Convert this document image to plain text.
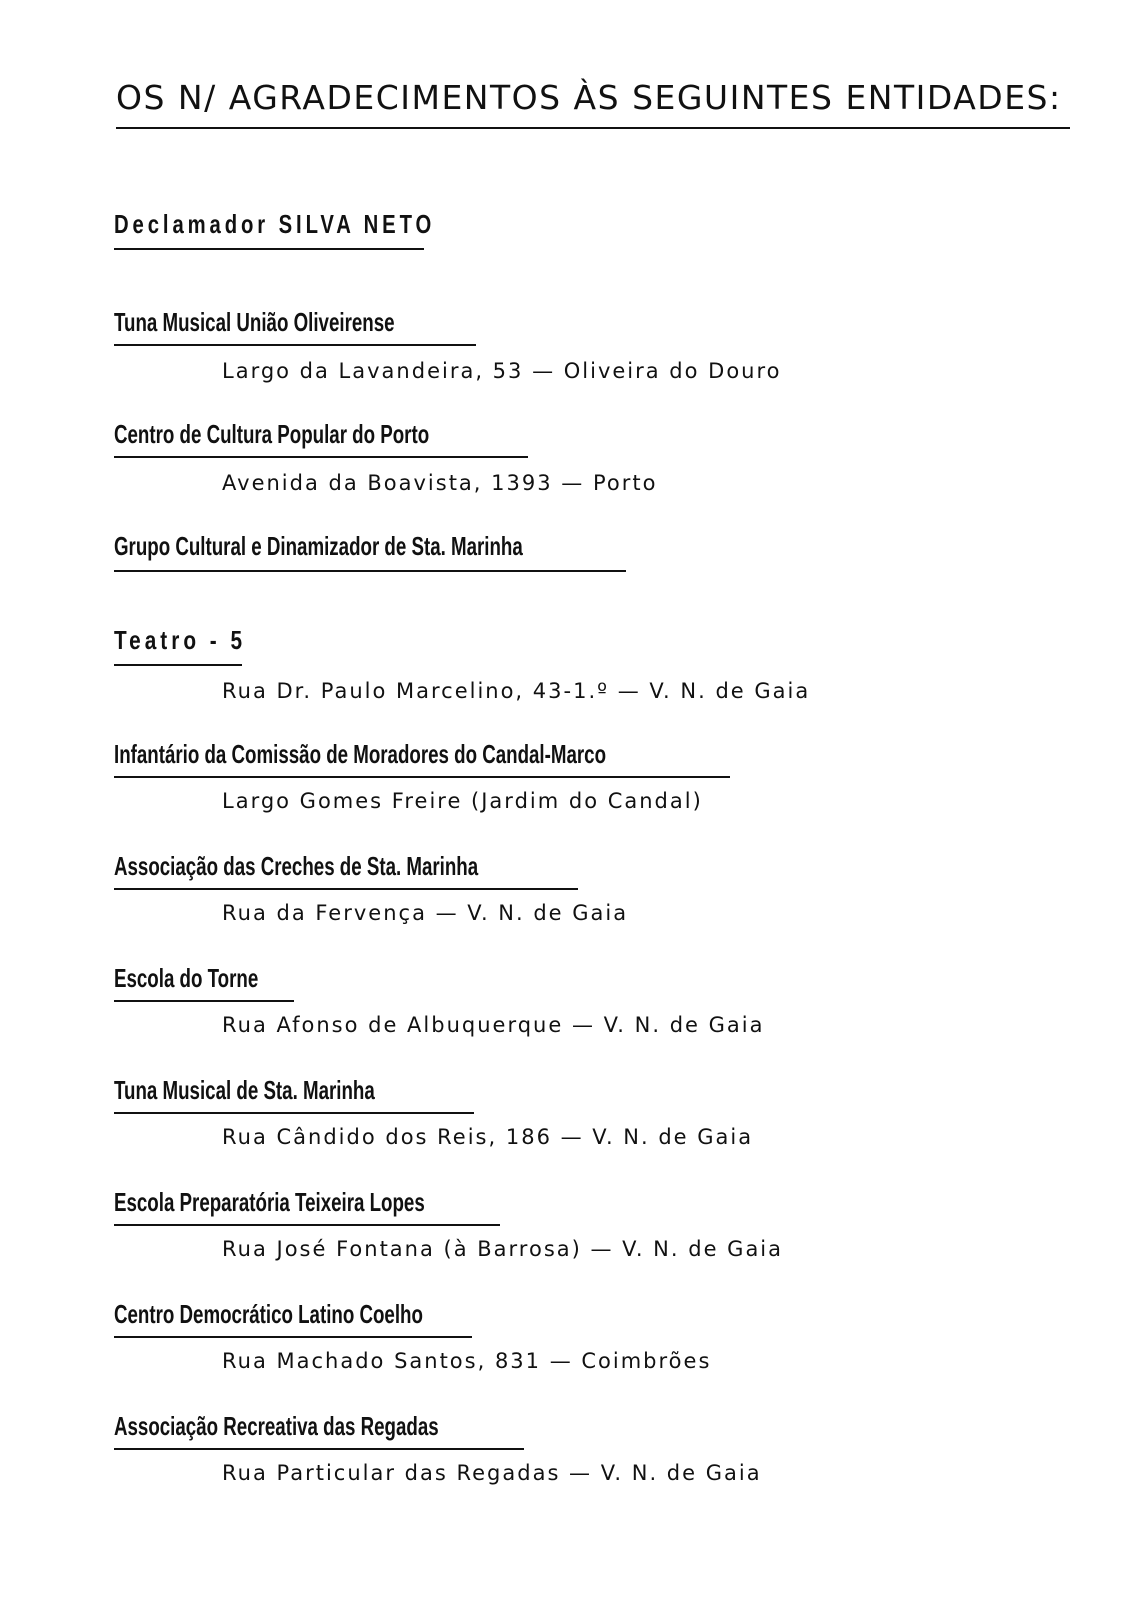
OS N/ AGRADECIMENTOS ÀS SEGUINTES ENTIDADES:
Declamador SILVA NETO
Tuna Musical União Oliveirense
Largo da Lavandeira, 53 — Oliveira do Douro
Centro de Cultura Popular do Porto
Avenida da Boavista, 1393 — Porto
Grupo Cultural e Dinamizador de Sta. Marinha
Teatro - 5
Rua Dr. Paulo Marcelino, 43-1.º — V. N. de Gaia
Infantário da Comissão de Moradores do Candal-Marco
Largo Gomes Freire (Jardim do Candal)
Associação das Creches de Sta. Marinha
Rua da Fervença — V. N. de Gaia
Escola do Torne
Rua Afonso de Albuquerque — V. N. de Gaia
Tuna Musical de Sta. Marinha
Rua Cândido dos Reis, 186 — V. N. de Gaia
Escola Preparatória Teixeira Lopes
Rua José Fontana (à Barrosa) — V. N. de Gaia
Centro Democrático Latino Coelho
Rua Machado Santos, 831 — Coimbrões
Associação Recreativa das Regadas
Rua Particular das Regadas — V. N. de Gaia
